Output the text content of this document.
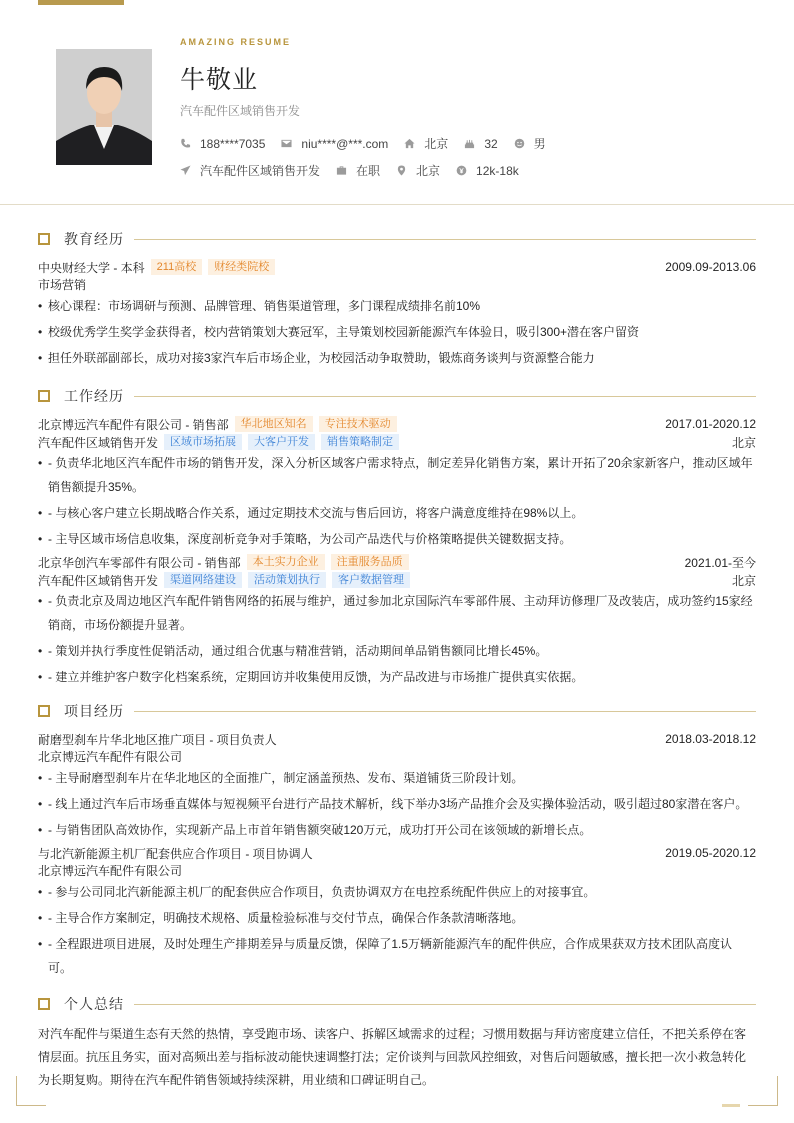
AMAZING RESUME
牛敬业
汽车配件区域销售开发
188****7035	niu****@***.com	北京	32	男
汽车配件区域销售开发	在职	北京	12k-18k
教育经历
中央财经大学 - 本科	211高校	财经类院校	2009.09-2013.06
市场营销
• 核心课程：市场调研与预测、品牌管理、销售渠道管理，多门课程成绩排名前10%
• 校级优秀学生奖学金获得者，校内营销策划大赛冠军，主导策划校园新能源汽车体验日，吸引300+潜在客户留资
• 担任外联部副部长，成功对接3家汽车后市场企业，为校园活动争取赞助，锻炼商务谈判与资源整合能力
工作经历
北京博远汽车配件有限公司 - 销售部	华北地区知名	专注技术驱动	2017.01-2020.12
汽车配件区域销售开发	区域市场拓展	大客户开发	销售策略制定	北京
• - 负责华北地区汽车配件市场的销售开发，深入分析区域客户需求特点，制定差异化销售方案，累计开拓了20余家新客户，推动区域年销售额提升35%。
• - 与核心客户建立长期战略合作关系，通过定期技术交流与售后回访，将客户满意度维持在98%以上。
• - 主导区域市场信息收集，深度剖析竞争对手策略，为公司产品迭代与价格策略提供关键数据支持。
北京华创汽车零部件有限公司 - 销售部	本土实力企业	注重服务品质	2021.01-至今
汽车配件区域销售开发	渠道网络建设	活动策划执行	客户数据管理	北京
• - 负责北京及周边地区汽车配件销售网络的拓展与维护，通过参加北京国际汽车零部件展、主动拜访修理厂及改装店，成功签约15家经销商，市场份额提升显著。
• - 策划并执行季度性促销活动，通过组合优惠与精准营销，活动期间单品销售额同比增长45%。
• - 建立并维护客户数字化档案系统，定期回访并收集使用反馈，为产品改进与市场推广提供真实依据。
项目经历
耐磨型刹车片华北地区推广项目 - 项目负责人	2018.03-2018.12
北京博远汽车配件有限公司
• - 主导耐磨型刹车片在华北地区的全面推广，制定涵盖预热、发布、渠道铺货三阶段计划。
• - 线上通过汽车后市场垂直媒体与短视频平台进行产品技术解析，线下举办3场产品推介会及实操体验活动，吸引超过80家潜在客户。
• - 与销售团队高效协作，实现新产品上市首年销售额突破120万元，成功打开公司在该领域的新增长点。
与北汽新能源主机厂配套供应合作项目 - 项目协调人	2019.05-2020.12
北京博远汽车配件有限公司
• - 参与公司同北汽新能源主机厂的配套供应合作项目，负责协调双方在电控系统配件供应上的对接事宜。
• - 主导合作方案制定，明确技术规格、质量检验标准与交付节点，确保合作条款清晰落地。
• - 全程跟进项目进展，及时处理生产排期差异与质量反馈，保障了1.5万辆新能源汽车的配件供应，合作成果获双方技术团队高度认可。
个人总结
对汽车配件与渠道生态有天然的热情，享受跑市场、读客户、拆解区域需求的过程；习惯用数据与拜访密度建立信任，不把关系停在客情层面。抗压且务实，面对高频出差与指标波动能快速调整打法；定价谈判与回款风控细致，对售后问题敏感，擅长把一次小救急转化为长期复购。期待在汽车配件销售领域持续深耕，用业绩和口碑证明自己。
